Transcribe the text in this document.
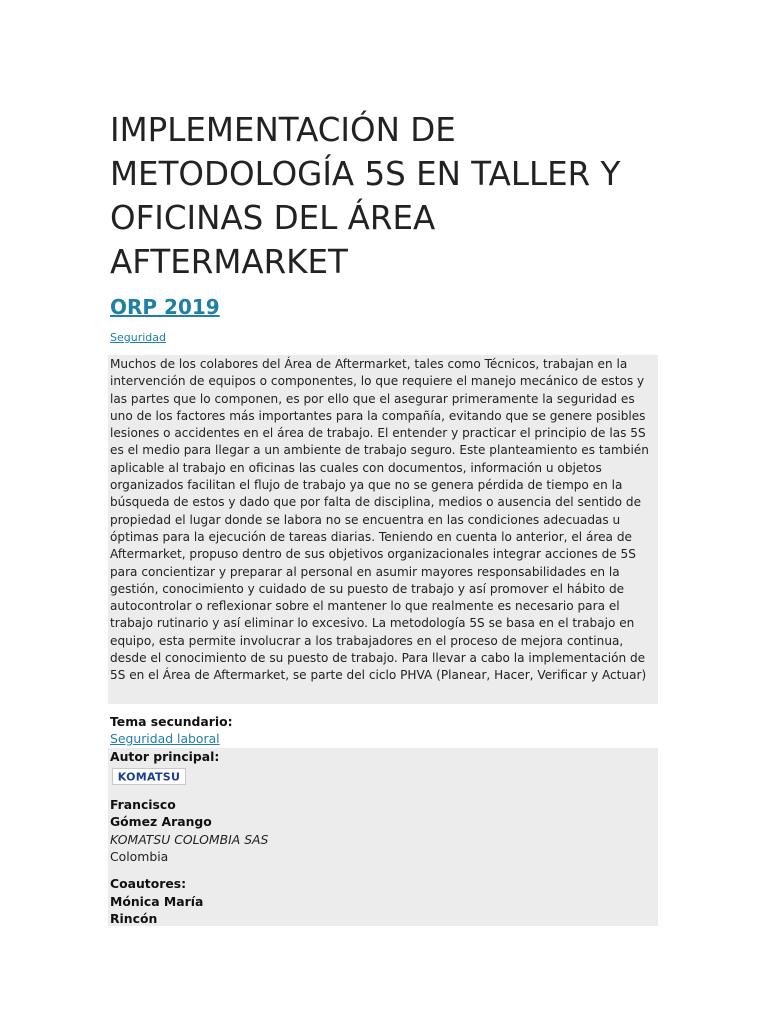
IMPLEMENTACIÓN DE METODOLOGÍA 5S EN TALLER Y OFICINAS DEL ÁREA AFTERMARKET
ORP 2019
Seguridad
Muchos de los colabores del Área de Aftermarket, tales como Técnicos, trabajan en la intervención de equipos o componentes, lo que requiere el manejo mecánico de estos y las partes que lo componen, es por ello que el asegurar primeramente la seguridad es uno de los factores más importantes para la compañía, evitando que se genere posibles lesiones o accidentes en el área de trabajo. El entender y practicar el principio de las 5S es el medio para llegar a un ambiente de trabajo seguro. Este planteamiento es también aplicable al trabajo en oficinas las cuales con documentos, información u objetos organizados facilitan el flujo de trabajo ya que no se genera pérdida de tiempo en la búsqueda de estos y dado que por falta de disciplina, medios o ausencia del sentido de propiedad el lugar donde se labora no se encuentra en las condiciones adecuadas u óptimas para la ejecución de tareas diarias. Teniendo en cuenta lo anterior, el área de Aftermarket, propuso dentro de sus objetivos organizacionales integrar acciones de 5S para concientizar y preparar al personal en asumir mayores responsabilidades en la gestión, conocimiento y cuidado de su puesto de trabajo y así promover el hábito de autocontrolar o reflexionar sobre el mantener lo que realmente es necesario para el trabajo rutinario y así eliminar lo excesivo. La metodología 5S se basa en el trabajo en equipo, esta permite involucrar a los trabajadores en el proceso de mejora continua, desde el conocimiento de su puesto de trabajo. Para llevar a cabo la implementación de 5S en el Área de Aftermarket, se parte del ciclo PHVA (Planear, Hacer, Verificar y Actuar)
Tema secundario:
Seguridad laboral
Autor principal:
KOMATSU
Francisco
Gómez Arango
KOMATSU COLOMBIA SAS
Colombia
Coautores:
Mónica María
Rincón
